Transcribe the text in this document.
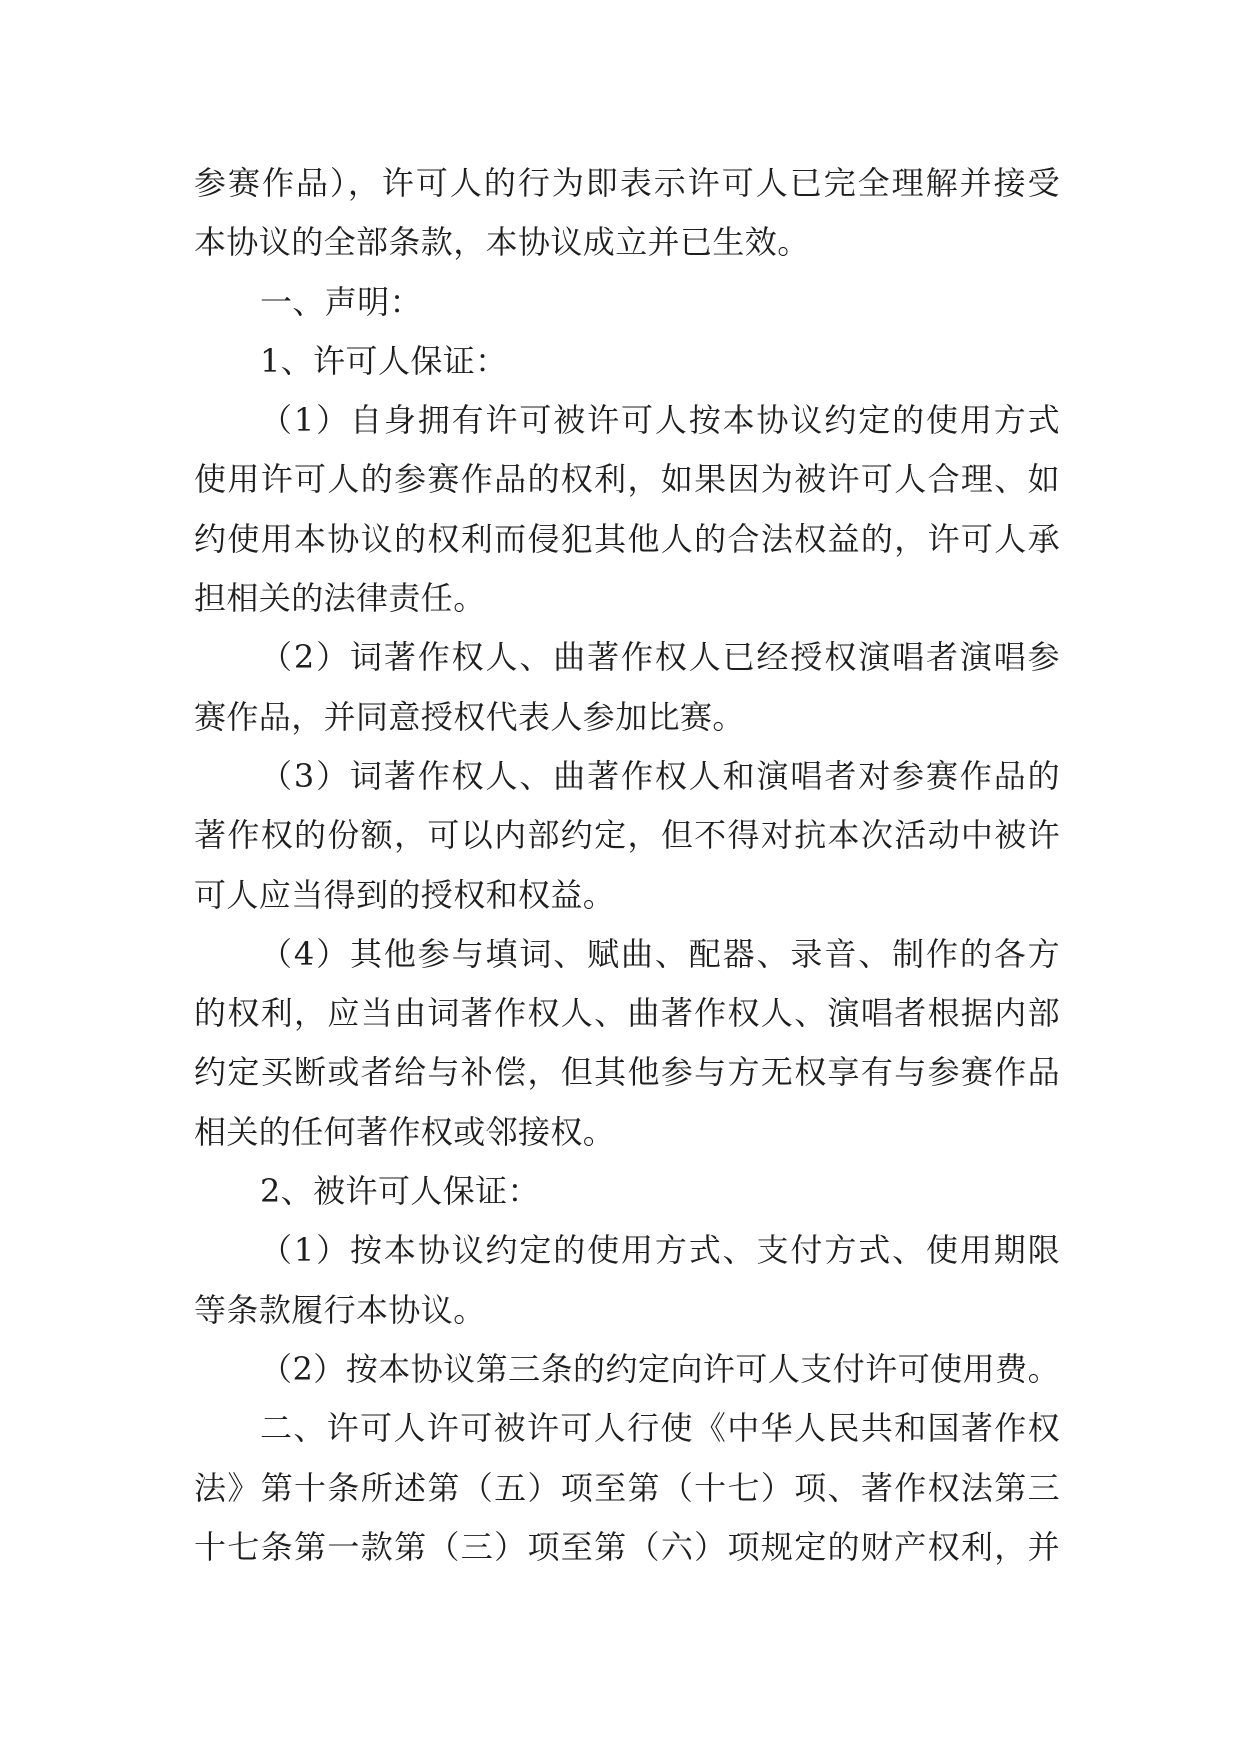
参赛作品），许可人的行为即表示许可人已完全理解并接受
本协议的全部条款，本协议成立并已生效。
一、声明：
1、许可人保证：
（1）自身拥有许可被许可人按本协议约定的使用方式
使用许可人的参赛作品的权利，如果因为被许可人合理、如
约使用本协议的权利而侵犯其他人的合法权益的，许可人承
担相关的法律责任。
（2）词著作权人、曲著作权人已经授权演唱者演唱参
赛作品，并同意授权代表人参加比赛。
（3）词著作权人、曲著作权人和演唱者对参赛作品的
著作权的份额，可以内部约定，但不得对抗本次活动中被许
可人应当得到的授权和权益。
（4）其他参与填词、赋曲、配器、录音、制作的各方
的权利，应当由词著作权人、曲著作权人、演唱者根据内部
约定买断或者给与补偿，但其他参与方无权享有与参赛作品
相关的任何著作权或邻接权。
2、被许可人保证：
（1）按本协议约定的使用方式、支付方式、使用期限
等条款履行本协议。
（2）按本协议第三条的约定向许可人支付许可使用费。
二、许可人许可被许可人行使《中华人民共和国著作权
法》第十条所述第（五）项至第（十七）项、著作权法第三
十七条第一款第（三）项至第（六）项规定的财产权利，并
